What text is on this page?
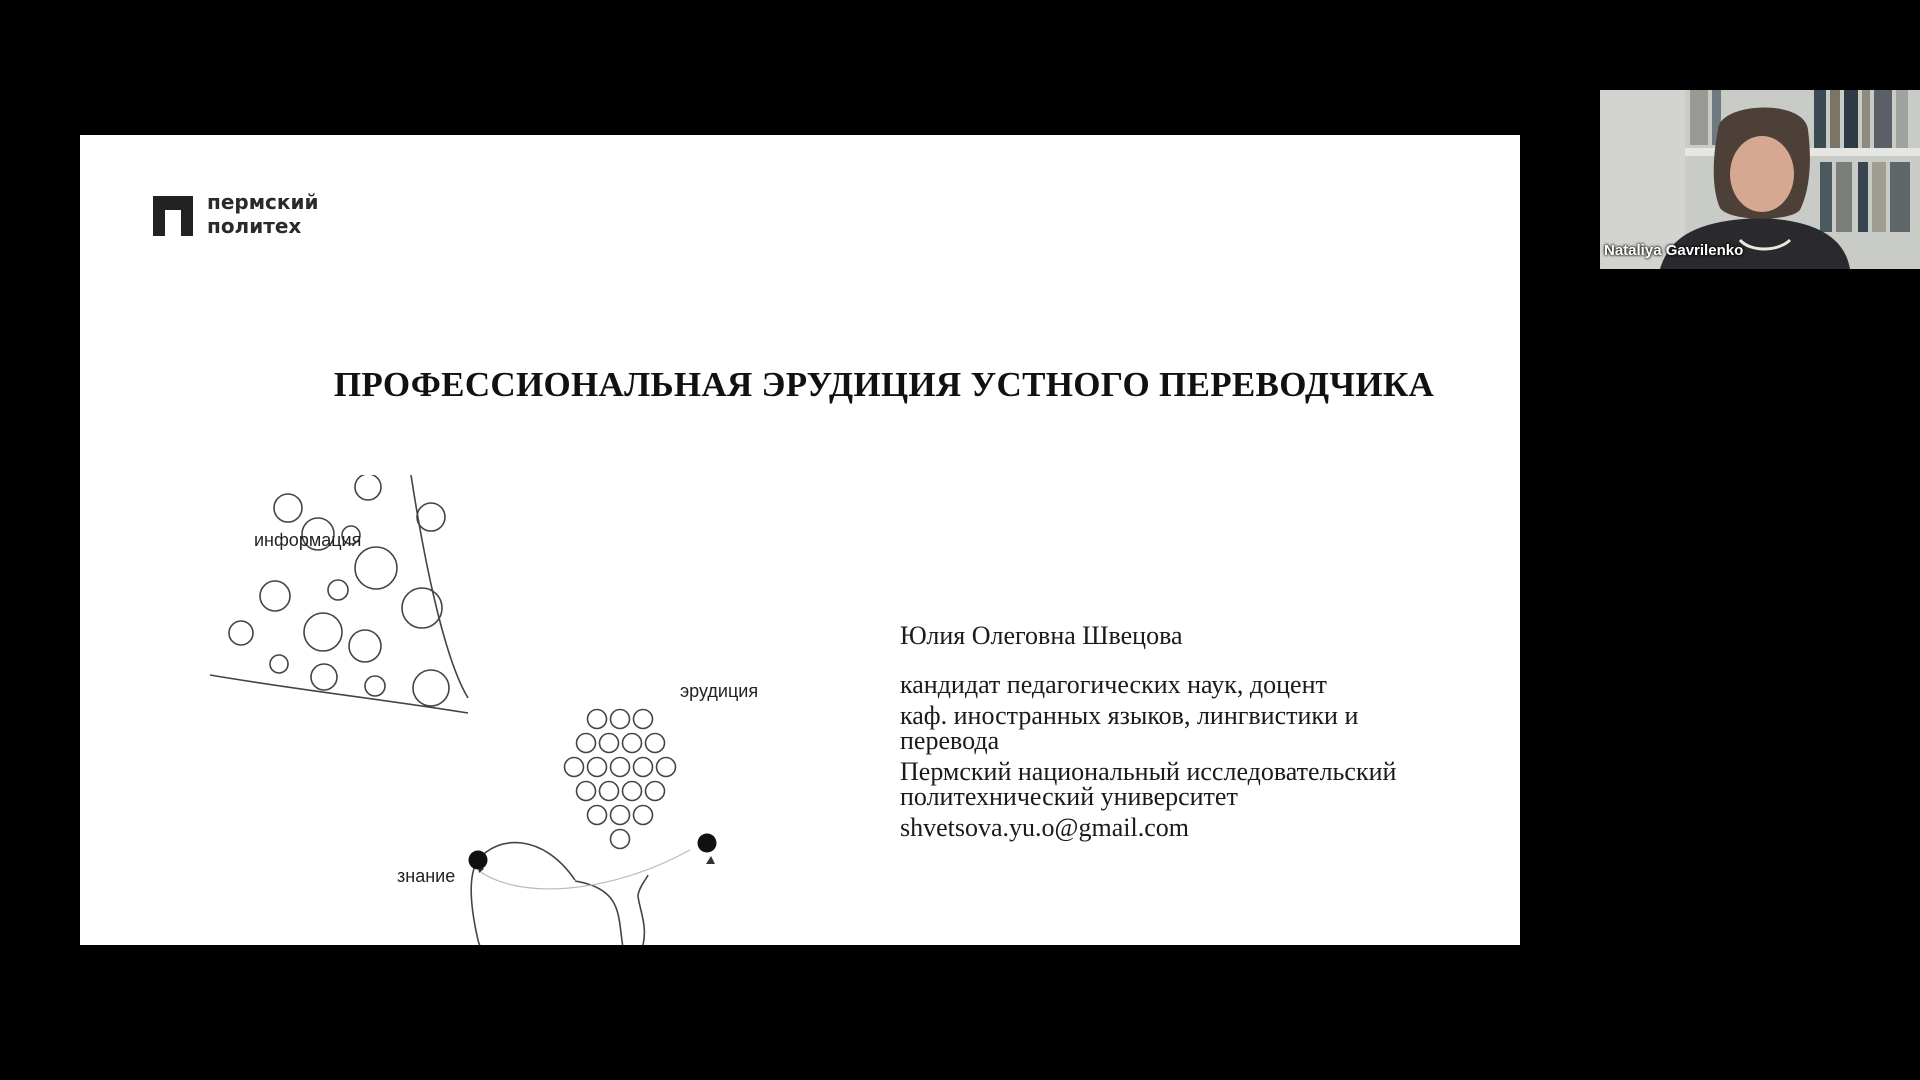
пермский
политех
ПРОФЕССИОНАЛЬНАЯ ЭРУДИЦИЯ УСТНОГО ПЕРЕВОДЧИКА
информация
эрудиция
знание
Юлия Олеговна Швецова
кандидат педагогических наук, доцент
каф. иностранных языков, лингвистики и перевода
Пермский национальный исследовательский политехнический университет
shvetsova.yu.o@gmail.com
Nataliya Gavrilenko
